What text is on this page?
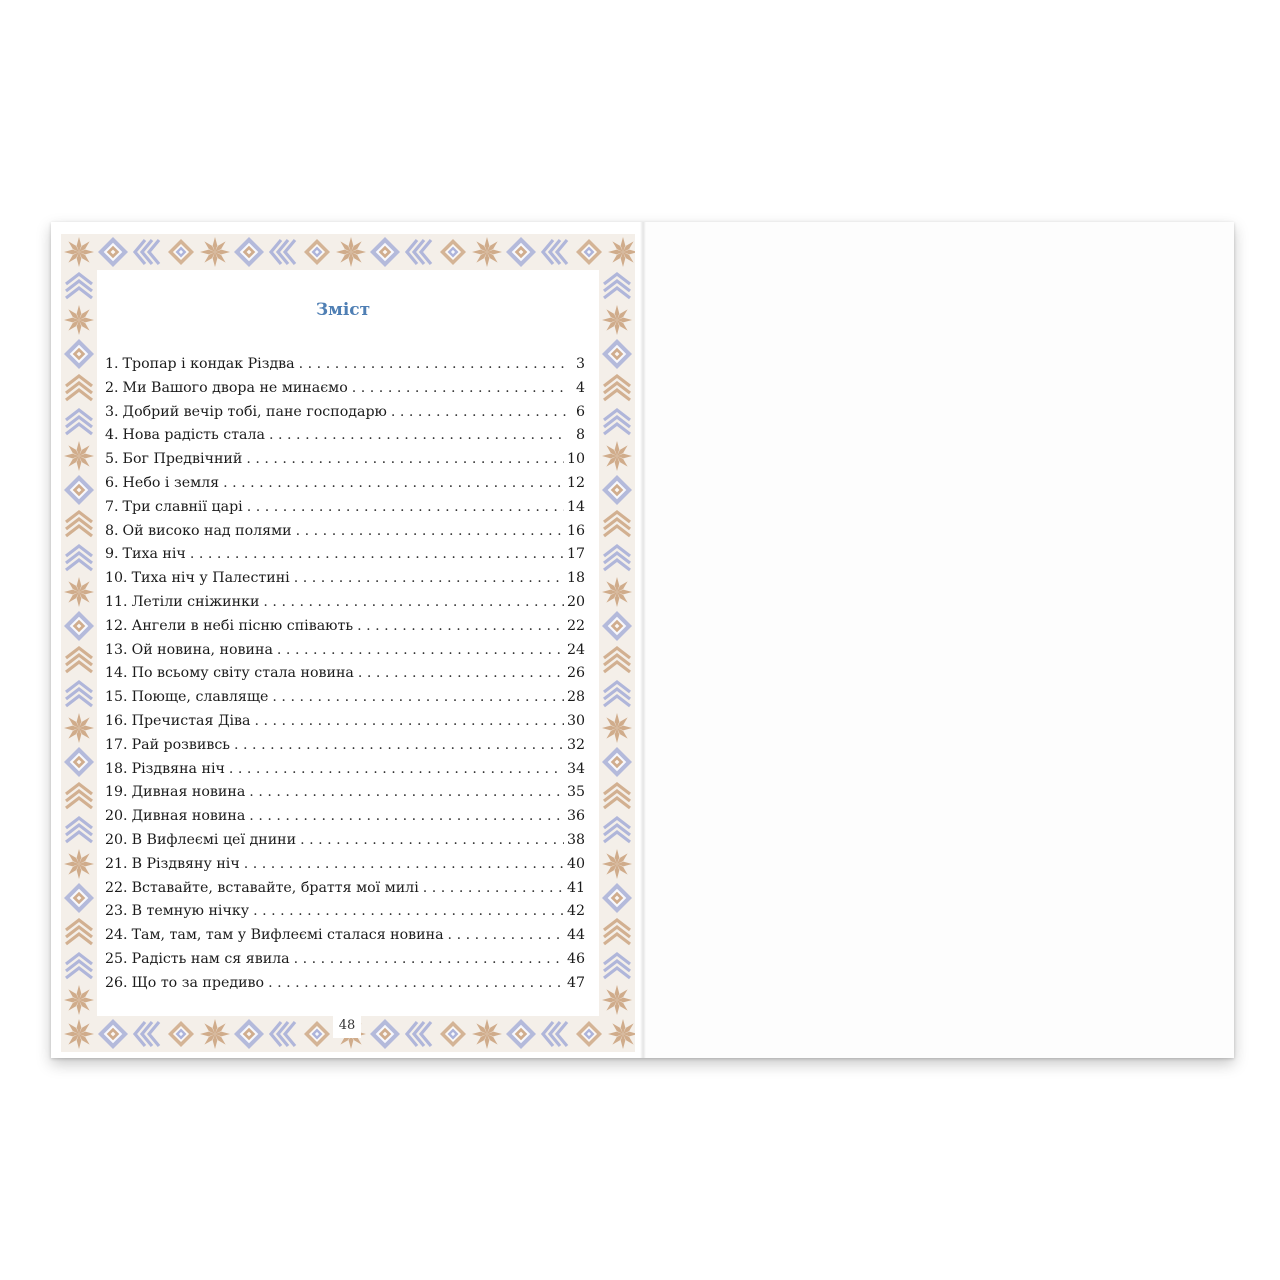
Зміст
1. Тропар і кондак Різдва . . .	3
2. Ми Вашого двора не минаємо . . .	4
3. Добрий вечір тобі, пане господарю . . .	6
4. Нова радість стала . . .	8
5. Бог Предвічний . . .	10
6. Небо і земля . . .	12
7. Три славнії царі . . .	14
8. Ой високо над полями . . .	16
9. Тиха ніч . . .	17
10. Тиха ніч у Палестині . . .	18
11. Летіли сніжинки . . .	20
12. Ангели в небі пісню співають . . .	22
13. Ой новина, новина . . .	24
14. По всьому світу стала новина . . .	26
15. Поюще, славляще . . .	28
16. Пречистая Діва . . .	30
17. Рай розвивсь . . .	32
18. Різдвяна ніч . . .	34
19. Дивная новина . . .	35
20. Дивная новина . . .	36
20. В Вифлеємі цеї днини . . .	38
21. В Різдвяну ніч . . .	40
22. Вставайте, вставайте, браття мої милі . . .	41
23. В темную нічку . . .	42
24. Там, там, там у Вифлеємі сталася новина . . .	44
25. Радість нам ся явила . . .	46
26. Що то за предиво . . .	47
48
